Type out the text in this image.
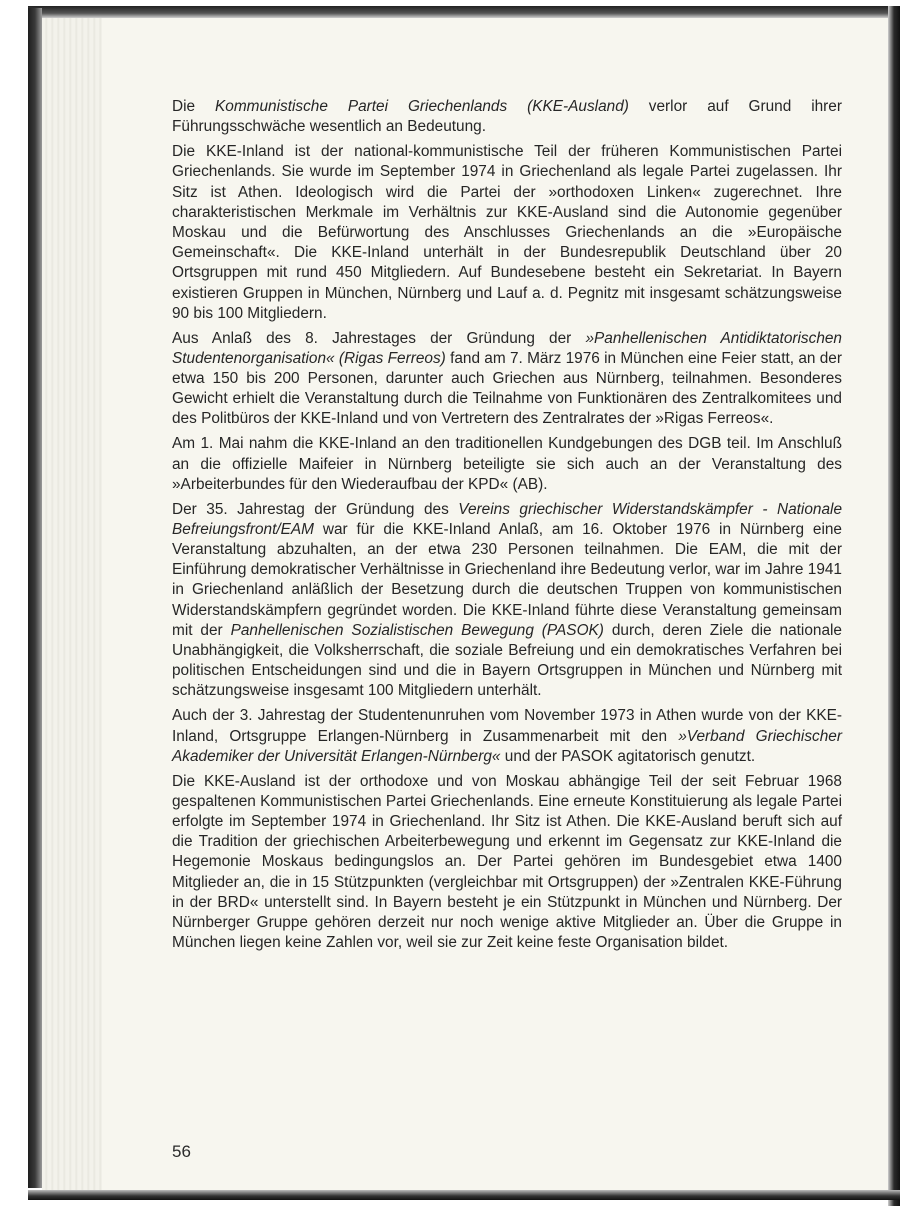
Die Kommunistische Partei Griechenlands (KKE-Ausland) verlor auf Grund ihrer Führungsschwäche wesentlich an Bedeutung.

Die KKE-Inland ist der national-kommunistische Teil der früheren Kommunistischen Partei Griechenlands. Sie wurde im September 1974 in Griechenland als legale Partei zugelassen. Ihr Sitz ist Athen. Ideologisch wird die Partei der »orthodoxen Linken« zugerechnet. Ihre charakteristischen Merkmale im Verhältnis zur KKE-Ausland sind die Autonomie gegenüber Moskau und die Befürwortung des Anschlusses Griechenlands an die »Europäische Gemeinschaft«. Die KKE-Inland unterhält in der Bundesrepublik Deutschland über 20 Ortsgruppen mit rund 450 Mitgliedern. Auf Bundesebene besteht ein Sekretariat. In Bayern existieren Gruppen in München, Nürnberg und Lauf a. d. Pegnitz mit insgesamt schätzungsweise 90 bis 100 Mitgliedern.

Aus Anlaß des 8. Jahrestages der Gründung der »Panhellenischen Antidiktatorischen Studentenorganisation« (Rigas Ferreos) fand am 7. März 1976 in München eine Feier statt, an der etwa 150 bis 200 Personen, darunter auch Griechen aus Nürnberg, teilnahmen. Besonderes Gewicht erhielt die Veranstaltung durch die Teilnahme von Funktionären des Zentralkomitees und des Politbüros der KKE-Inland und von Vertretern des Zentralrates der »Rigas Ferreos«.

Am 1. Mai nahm die KKE-Inland an den traditionellen Kundgebungen des DGB teil. Im Anschluß an die offizielle Maifeier in Nürnberg beteiligte sie sich auch an der Veranstaltung des »Arbeiterbundes für den Wiederaufbau der KPD« (AB).

Der 35. Jahrestag der Gründung des Vereins griechischer Widerstandskämpfer - Nationale Befreiungsfront/EAM war für die KKE-Inland Anlaß, am 16. Oktober 1976 in Nürnberg eine Veranstaltung abzuhalten, an der etwa 230 Personen teilnahmen. Die EAM, die mit der Einführung demokratischer Verhältnisse in Griechenland ihre Bedeutung verlor, war im Jahre 1941 in Griechenland anläßlich der Besetzung durch die deutschen Truppen von kommunistischen Widerstandskämpfern gegründet worden. Die KKE-Inland führte diese Veranstaltung gemeinsam mit der Panhellenischen Sozialistischen Bewegung (PASOK) durch, deren Ziele die nationale Unabhängigkeit, die Volksherrschaft, die soziale Befreiung und ein demokratisches Verfahren bei politischen Entscheidungen sind und die in Bayern Ortsgruppen in München und Nürnberg mit schätzungsweise insgesamt 100 Mitgliedern unterhält.

Auch der 3. Jahrestag der Studentenunruhen vom November 1973 in Athen wurde von der KKE-Inland, Ortsgruppe Erlangen-Nürnberg in Zusammenarbeit mit den »Verband Griechischer Akademiker der Universität Erlangen-Nürnberg« und der PASOK agitatorisch genutzt.

Die KKE-Ausland ist der orthodoxe und von Moskau abhängige Teil der seit Februar 1968 gespaltenen Kommunistischen Partei Griechenlands. Eine erneute Konstituierung als legale Partei erfolgte im September 1974 in Griechenland. Ihr Sitz ist Athen. Die KKE-Ausland beruft sich auf die Tradition der griechischen Arbeiterbewegung und erkennt im Gegensatz zur KKE-Inland die Hegemonie Moskaus bedingungslos an. Der Partei gehören im Bundesgebiet etwa 1400 Mitglieder an, die in 15 Stützpunkten (vergleichbar mit Ortsgruppen) der »Zentralen KKE-Führung in der BRD« unterstellt sind. In Bayern besteht je ein Stützpunkt in München und Nürnberg. Der Nürnberger Gruppe gehören derzeit nur noch wenige aktive Mitglieder an. Über die Gruppe in München liegen keine Zahlen vor, weil sie zur Zeit keine feste Organisation bildet.

56
